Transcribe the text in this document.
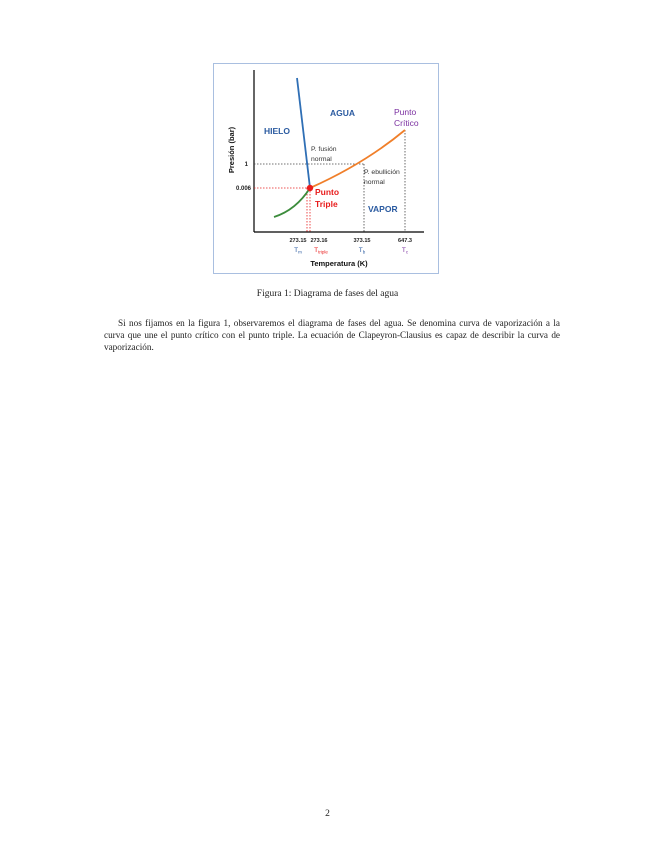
AGUA
HIELO
VAPOR
Punto
Crítico
Punto
Triple
P. fusión
normal
P. ebullición
normal
1
0.006
273.15 273.16	373.15	647.3
$T_m$ $T_{triple}$	$T_b$	$T_c$
Temperatura (K)
Presión (bar)
Figura 1: Diagrama de fases del agua

Si nos fijamos en la figura 1, observaremos el diagrama de fases del agua. Se denomina curva de vaporización a la curva que une el punto crítico con el punto triple. La ecuación de Clapeyron-Clausius es capaz de describir la curva de vaporización.

2
